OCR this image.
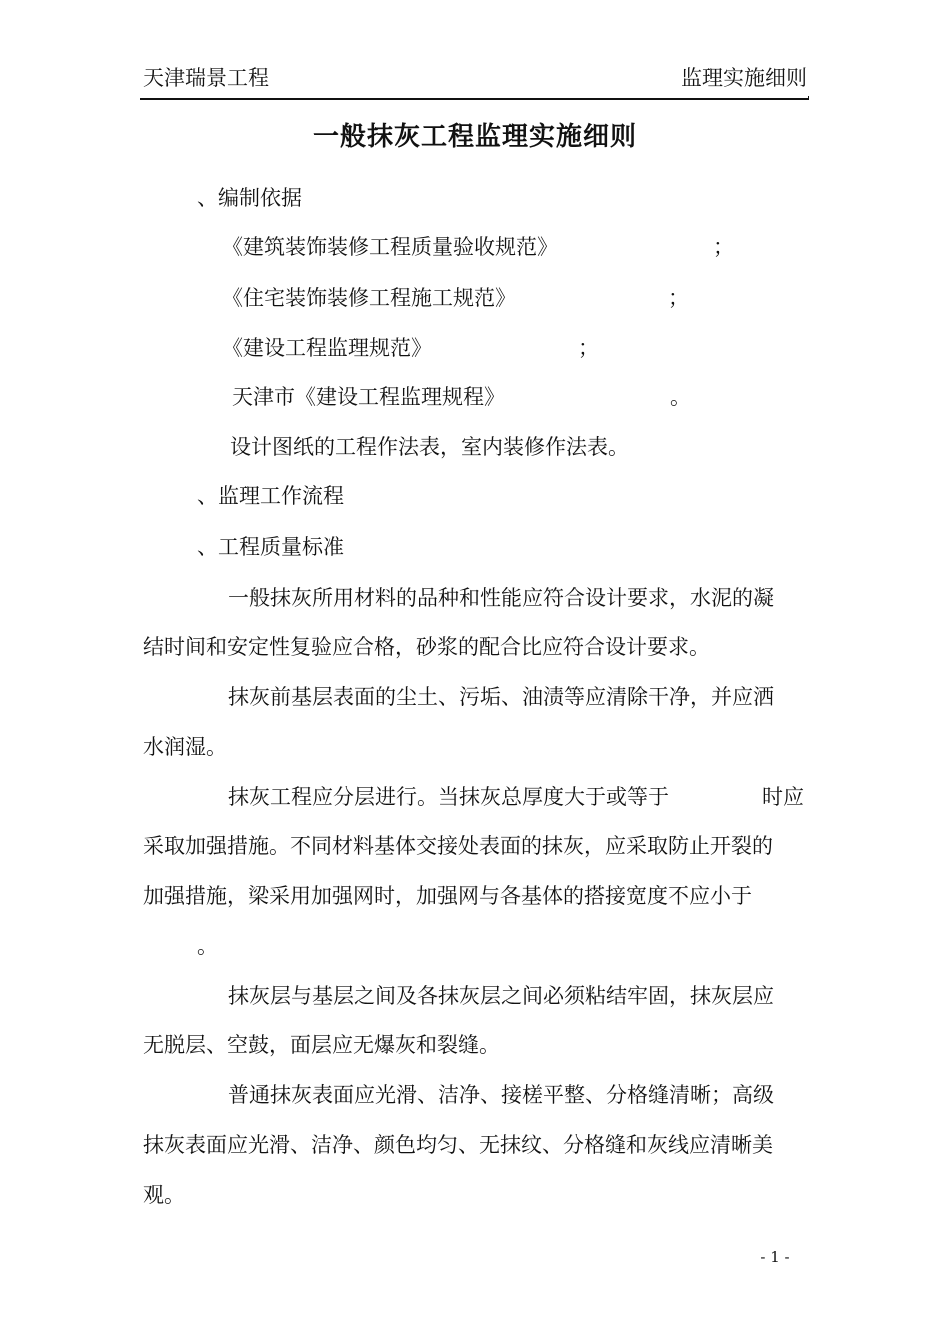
天津瑞景工程	监理实施细则
一般抹灰工程监理实施细则
、编制依据
《建筑装饰装修工程质量验收规范》	；
《住宅装饰装修工程施工规范》	；
《建设工程监理规范》	；
天津市《建设工程监理规程》	。
设计图纸的工程作法表，室内装修作法表。
、监理工作流程
、工程质量标准
一般抹灰所用材料的品种和性能应符合设计要求，水泥的凝
结时间和安定性复验应合格，砂浆的配合比应符合设计要求。
抹灰前基层表面的尘土、污垢、油渍等应清除干净，并应洒
水润湿。
抹灰工程应分层进行。当抹灰总厚度大于或等于	时应
采取加强措施。不同材料基体交接处表面的抹灰，应采取防止开裂的
加强措施，梁采用加强网时，加强网与各基体的搭接宽度不应小于
。
抹灰层与基层之间及各抹灰层之间必须粘结牢固，抹灰层应
无脱层、空鼓，面层应无爆灰和裂缝。
普通抹灰表面应光滑、洁净、接槎平整、分格缝清晰；高级
抹灰表面应光滑、洁净、颜色均匀、无抹纹、分格缝和灰线应清晰美
观。
- 1 -
